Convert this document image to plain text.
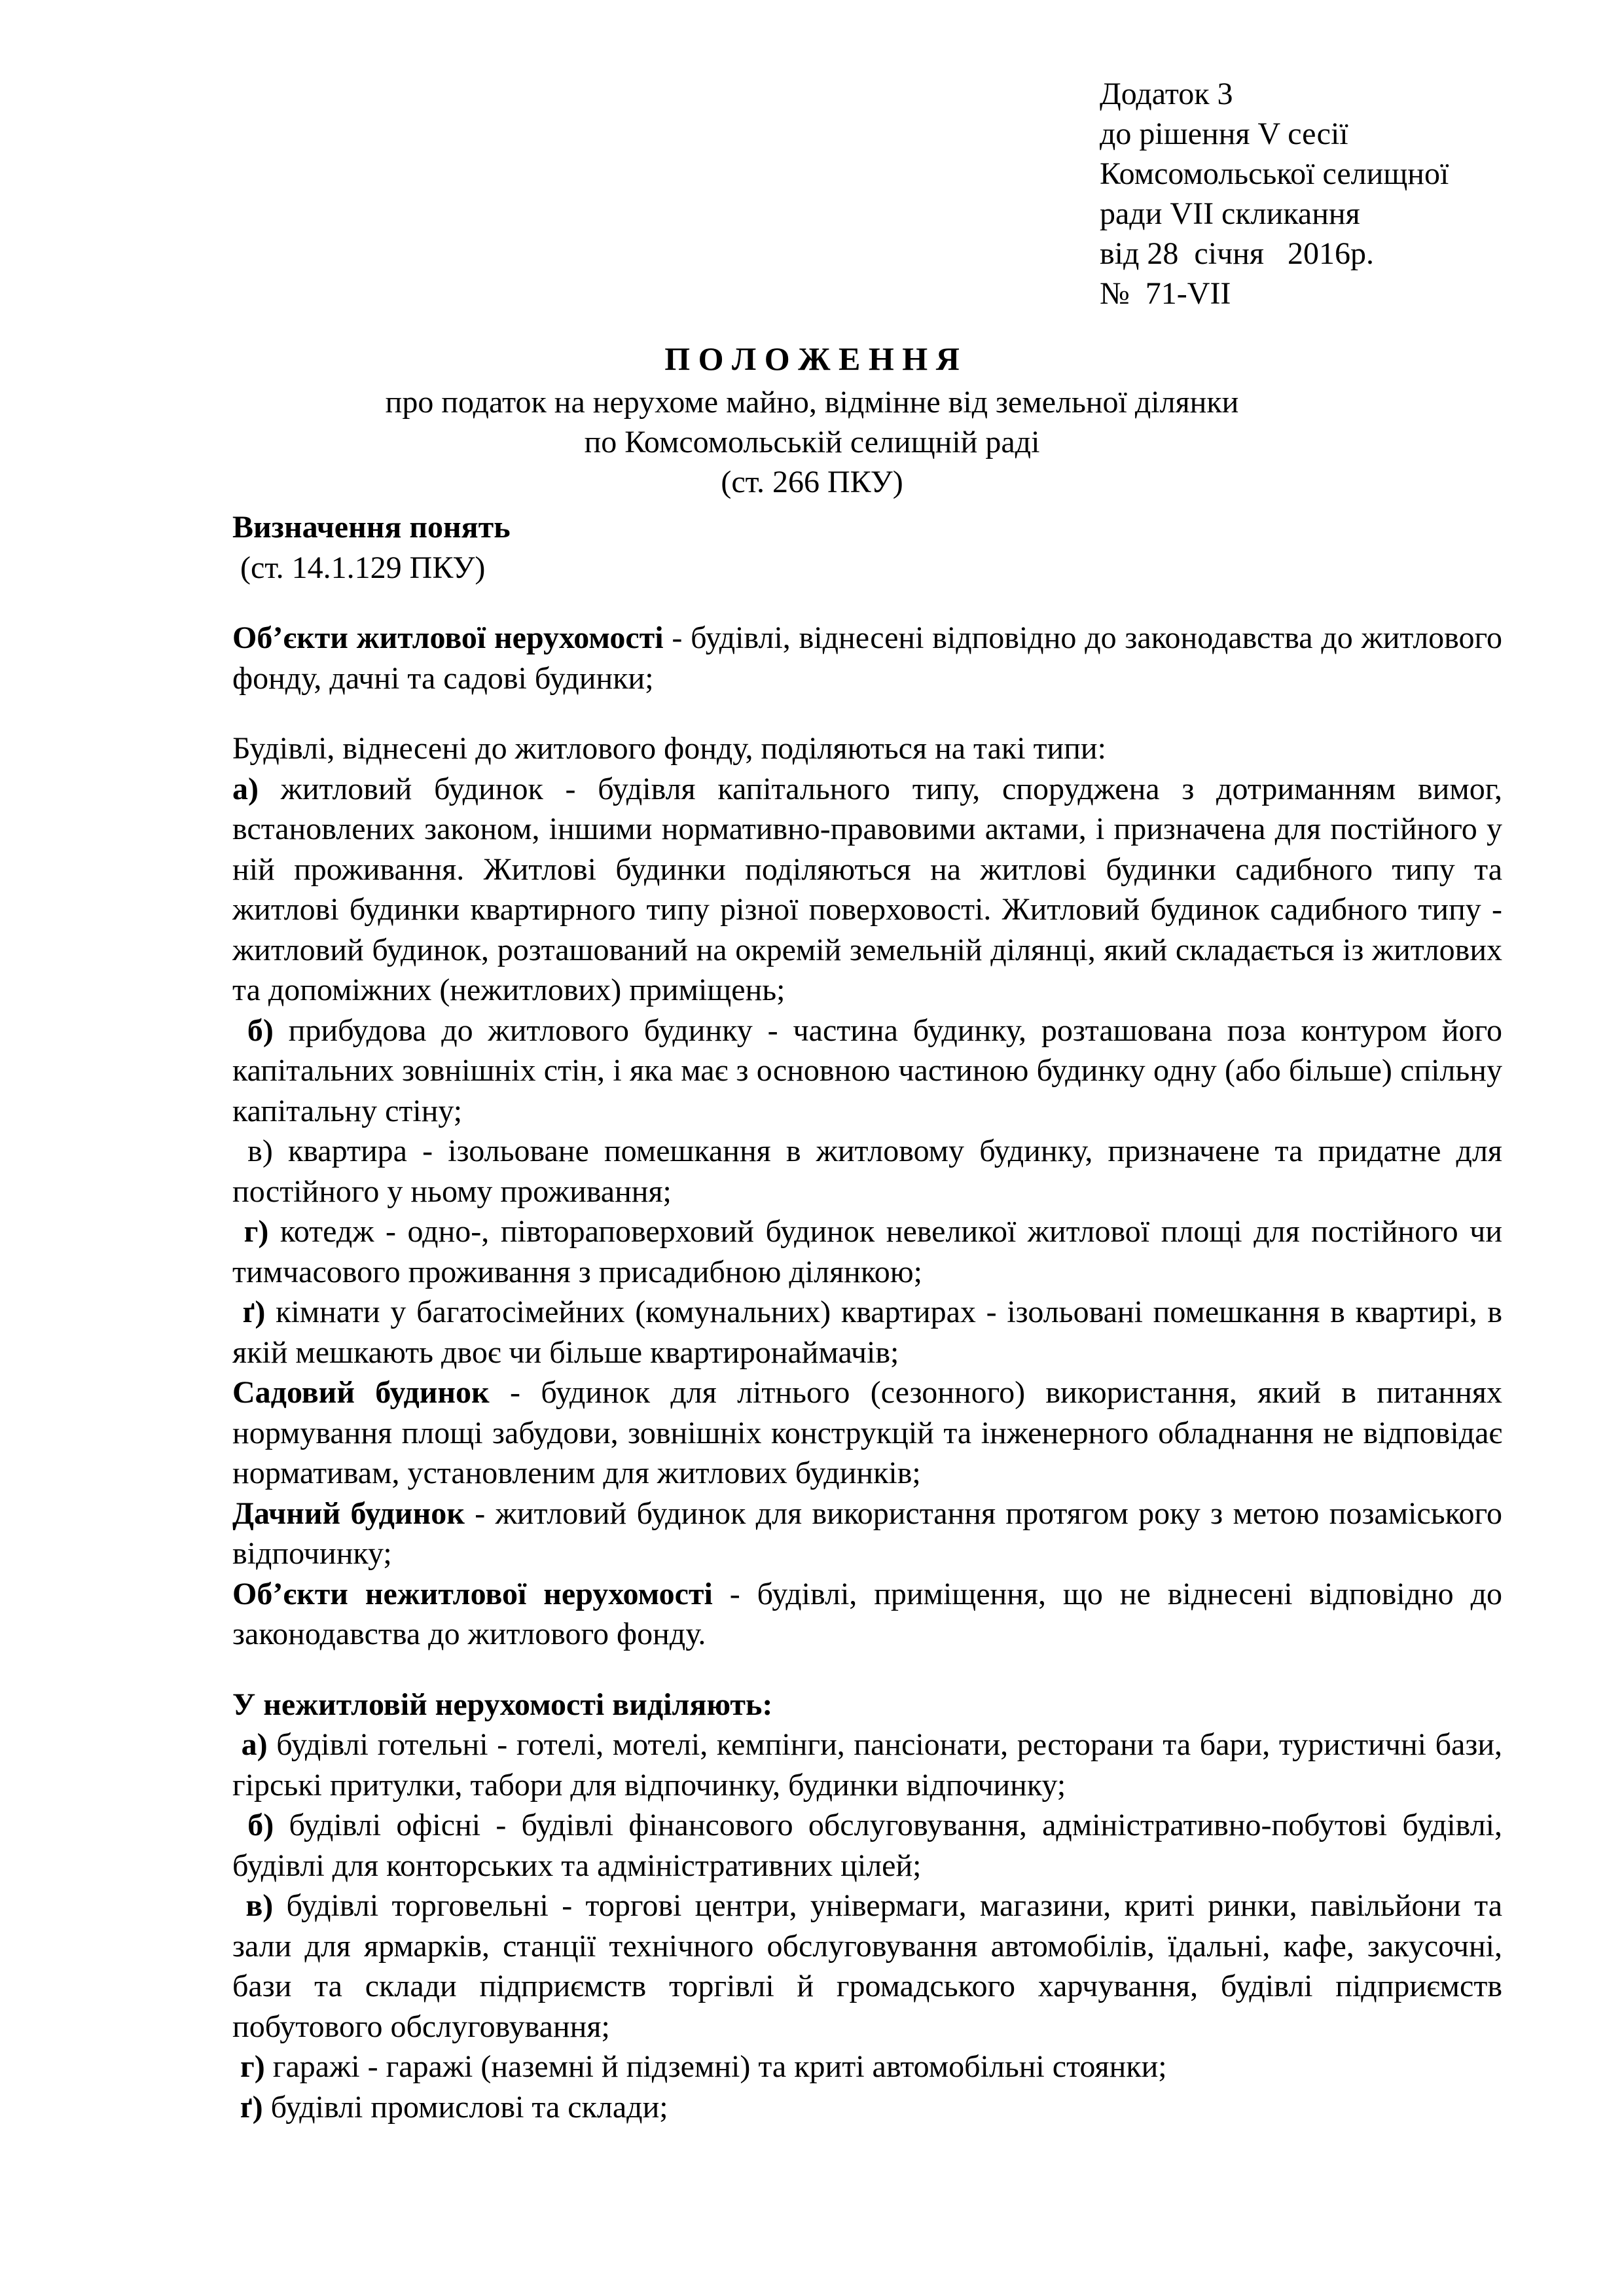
Додаток 3
до рішення V сесії
Комсомольської селищної
ради VII скликання
від 28  січня   2016р.
№  71-VII
П О Л О Ж Е Н Н Я
про податок на нерухоме майно, відмінне від земельної ділянки
по Комсомольській селищній раді
(ст. 266 ПКУ)

Визначення понять
(ст. 14.1.129 ПКУ)

Об’єкти житлової нерухомості - будівлі, віднесені відповідно до законодавства до житлового фонду, дачні та садові будинки;

Будівлі, віднесені до житлового фонду, поділяються на такі типи:

а) житловий будинок - будівля капітального типу, споруджена з дотриманням вимог, встановлених законом, іншими нормативно-правовими актами, і призначена для постійного у ній проживання. Житлові будинки поділяються на житлові будинки садибного типу та житлові будинки квартирного типу різної поверховості. Житловий будинок садибного типу - житловий будинок, розташований на окремій земельній ділянці, який складається із житлових та допоміжних (нежитлових) приміщень;

б) прибудова до житлового будинку - частина будинку, розташована поза контуром його капітальних зовнішніх стін, і яка має з основною частиною будинку одну (або більше) спільну капітальну стіну;

в) квартира - ізольоване помешкання в житловому будинку, призначене та придатне для постійного у ньому проживання;

г) котедж - одно-, півтораповерховий будинок невеликої житлової площі для постійного чи тимчасового проживання з присадибною ділянкою;

ґ) кімнати у багатосімейних (комунальних) квартирах - ізольовані помешкання в квартирі, в якій мешкають двоє чи більше квартиронаймачів;

Садовий будинок - будинок для літнього (сезонного) використання, який в питаннях нормування площі забудови, зовнішніх конструкцій та інженерного обладнання не відповідає нормативам, установленим для житлових будинків;

Дачний будинок - житловий будинок для використання протягом року з метою позаміського відпочинку;

Об’єкти нежитлової нерухомості - будівлі, приміщення, що не віднесені відповідно до законодавства до житлового фонду.

У нежитловій нерухомості виділяють:

а) будівлі готельні - готелі, мотелі, кемпінги, пансіонати, ресторани та бари, туристичні бази, гірські притулки, табори для відпочинку, будинки відпочинку;

б) будівлі офісні - будівлі фінансового обслуговування, адміністративно-побутові будівлі, будівлі для конторських та адміністративних цілей;

в) будівлі торговельні - торгові центри, універмаги, магазини, криті ринки, павільйони та зали для ярмарків, станції технічного обслуговування автомобілів, їдальні, кафе, закусочні, бази та склади підприємств торгівлі й громадського харчування, будівлі підприємств побутового обслуговування;

г) гаражі - гаражі (наземні й підземні) та криті автомобільні стоянки;

ґ) будівлі промислові та склади;
